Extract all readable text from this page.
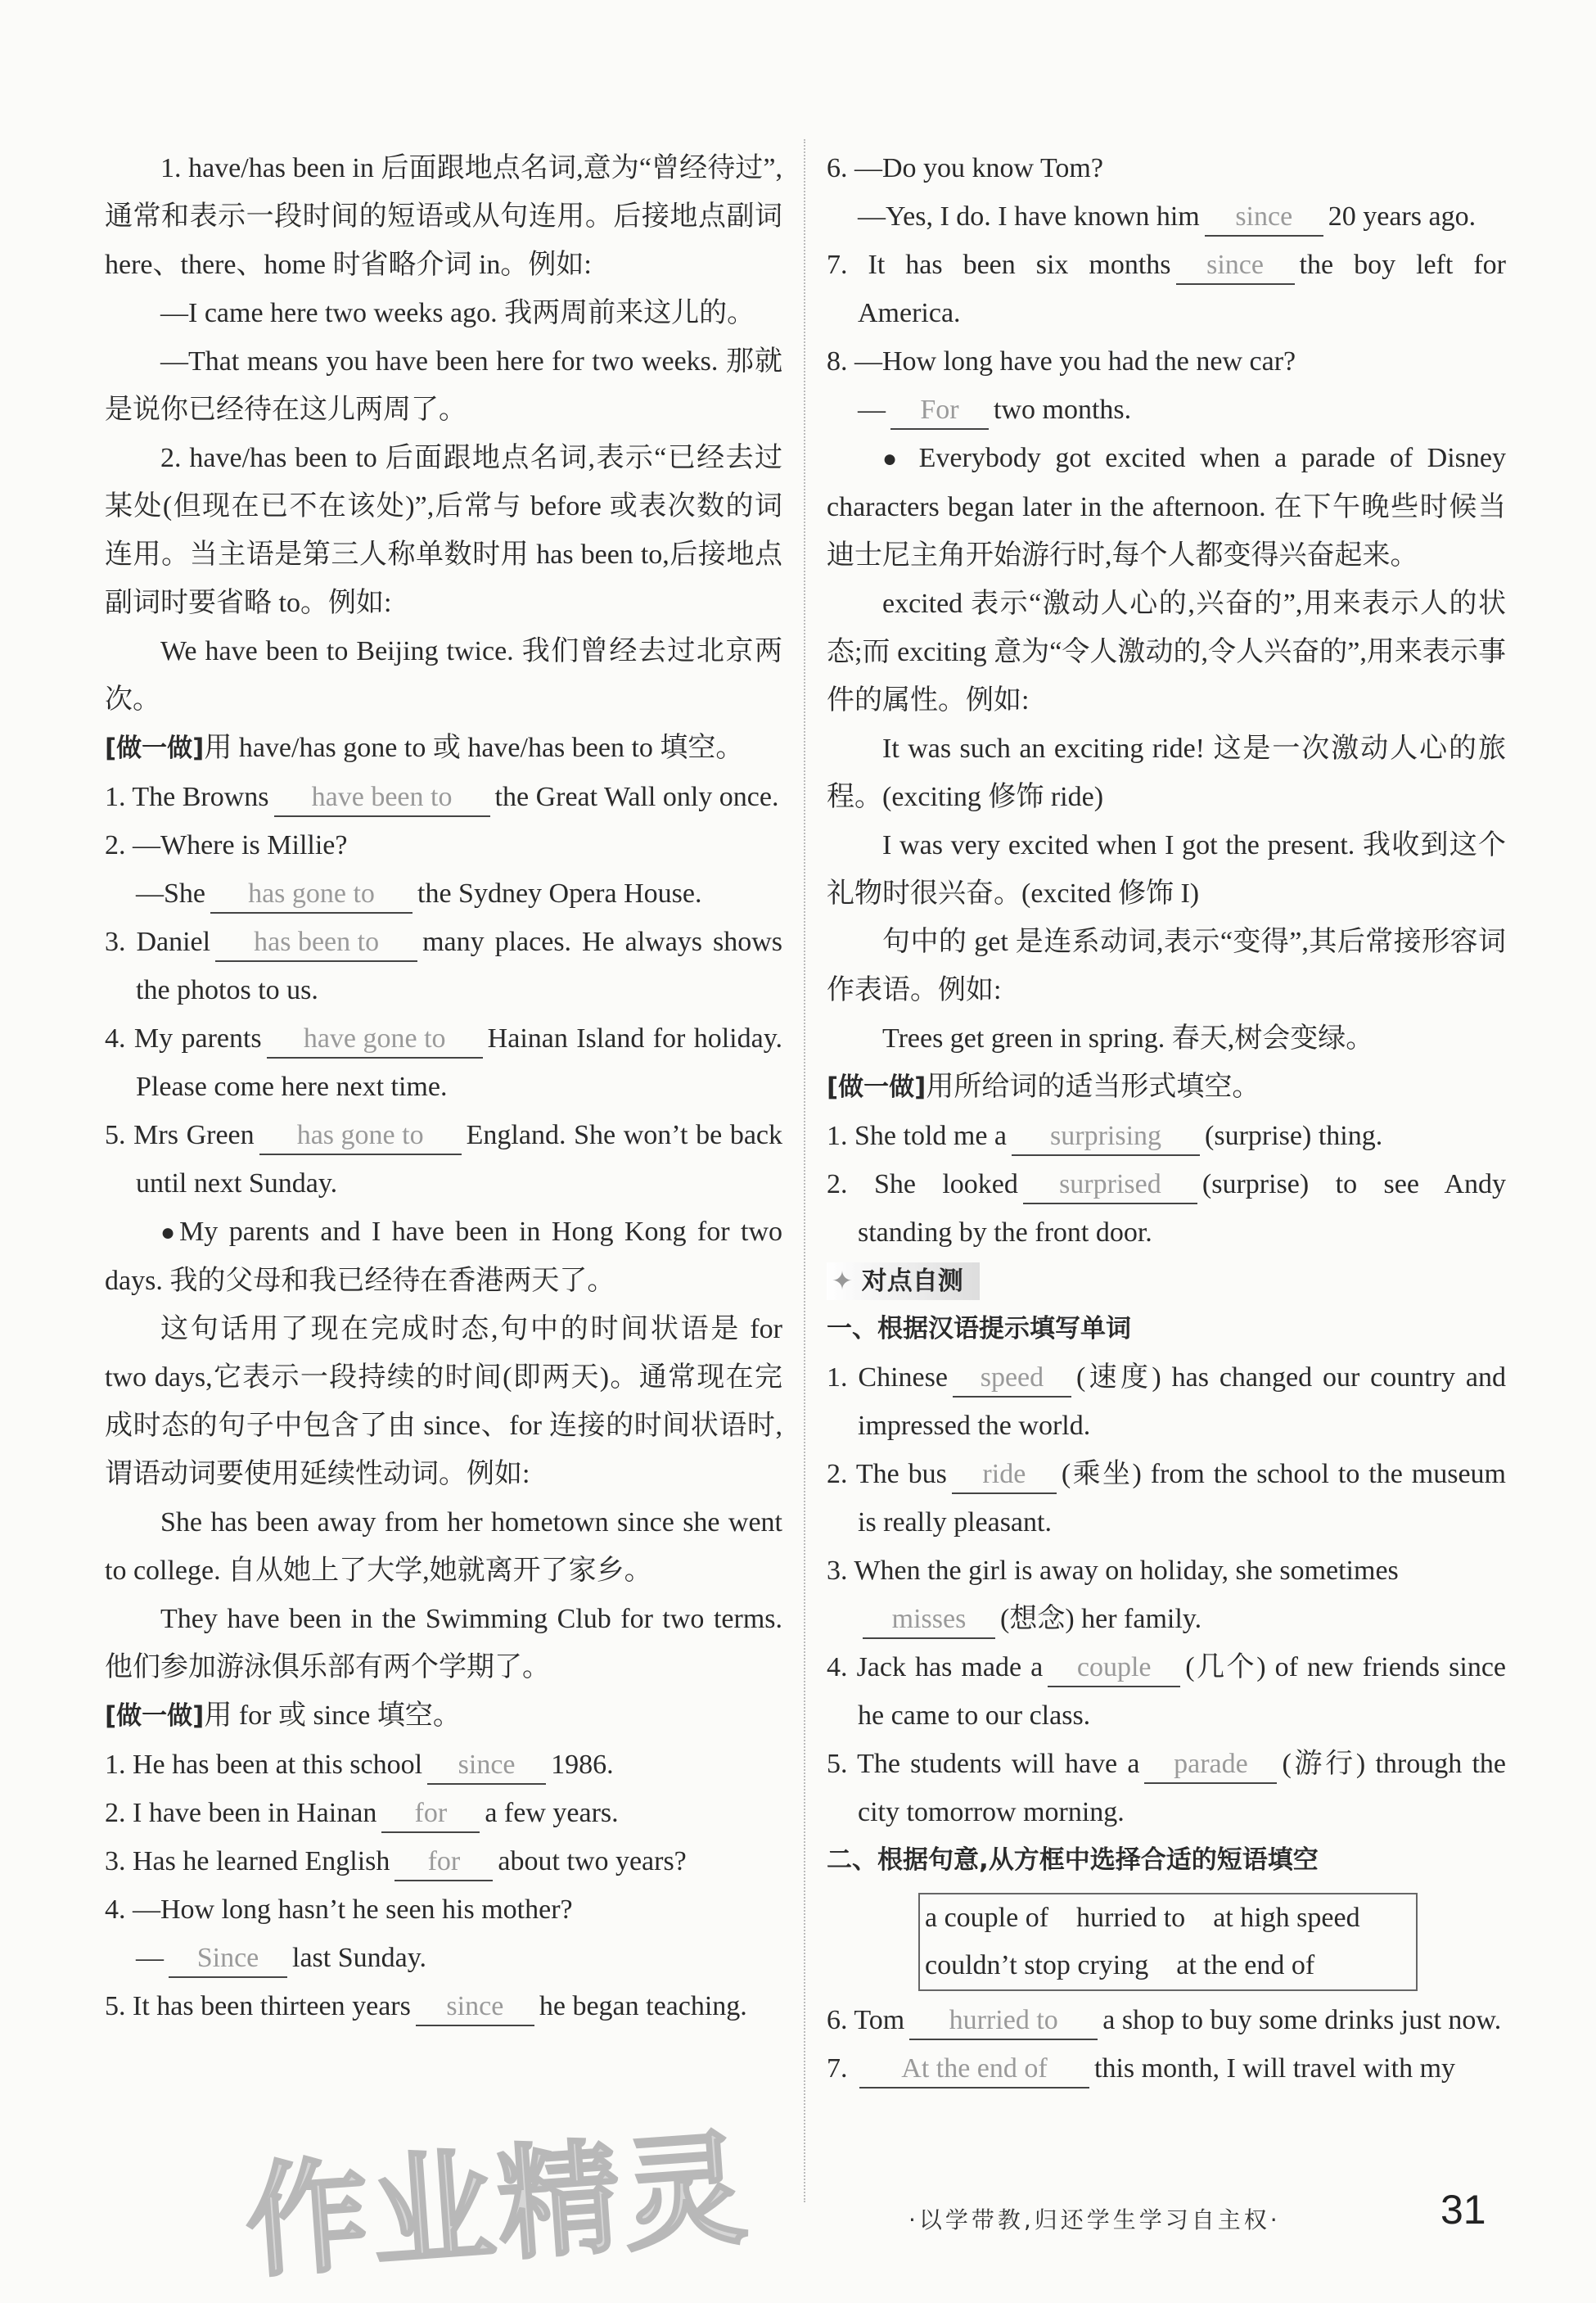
作业精灵

1. have/has been in 后面跟地点名词,意为“曾经待过”,通常和表示一段时间的短语或从句连用。后接地点副词 here、there、home 时省略介词 in。例如:

—I came here two weeks ago. 我两周前来这儿的。

—That means you have been here for two weeks. 那就是说你已经待在这儿两周了。

2. have/has been to 后面跟地点名词,表示“已经去过某处(但现在已不在该处)”,后常与 before 或表次数的词连用。当主语是第三人称单数时用 has been to,后接地点副词时要省略 to。例如:

We have been to Beijing twice. 我们曾经去过北京两次。

[做一做]用 have/has gone to 或 have/has been to 填空。

1. The Browns have been to the Great Wall only once.

2. —Where is Millie?
—She has gone to the Sydney Opera House.

3. Daniel has been to many places. He always shows the photos to us.

4. My parents have gone to Hainan Island for holiday. Please come here next time.

5. Mrs Green has gone to England. She won’t be back until next Sunday.

●My parents and I have been in Hong Kong for two days. 我的父母和我已经待在香港两天了。

这句话用了现在完成时态,句中的时间状语是 for two days,它表示一段持续的时间(即两天)。通常现在完成时态的句子中包含了由 since、for 连接的时间状语时,谓语动词要使用延续性动词。例如:

She has been away from her hometown since she went to college. 自从她上了大学,她就离开了家乡。

They have been in the Swimming Club for two terms. 他们参加游泳俱乐部有两个学期了。

[做一做]用 for 或 since 填空。

1. He has been at this school since 1986.

2. I have been in Hainan for a few years.

3. Has he learned English for about two years?

4. —How long hasn’t he seen his mother?
— Since last Sunday.

5. It has been thirteen years since he began teaching.

6. —Do you know Tom?
—Yes, I do. I have known him since 20 years ago.

7. It has been six months since the boy left for America.

8. —How long have you had the new car?
— For two months.

● Everybody got excited when a parade of Disney characters began later in the afternoon. 在下午晚些时候当迪士尼主角开始游行时,每个人都变得兴奋起来。

excited 表示“激动人心的,兴奋的”,用来表示人的状态;而 exciting 意为“令人激动的,令人兴奋的”,用来表示事件的属性。例如:

It was such an exciting ride! 这是一次激动人心的旅程。(exciting 修饰 ride)

I was very excited when I got the present. 我收到这个礼物时很兴奋。(excited 修饰 I)

句中的 get 是连系动词,表示“变得”,其后常接形容词作表语。例如:

Trees get green in spring. 春天,树会变绿。

[做一做]用所给词的适当形式填空。

1. She told me a surprising (surprise) thing.

2. She looked surprised (surprise) to see Andy standing by the front door.

✦ 对点自测

一、根据汉语提示填写单词

1. Chinese speed (速度) has changed our country and impressed the world.

2. The bus ride (乘坐) from the school to the museum is really pleasant.

3. When the girl is away on holiday, she sometimes
misses (想念) her family.

4. Jack has made a couple (几个) of new friends since he came to our class.

5. The students will have a parade (游行) through the city tomorrow morning.

二、根据句意,从方框中选择合适的短语填空

a couple of hurried to at high speed
couldn’t stop crying at the end of

6. Tom hurried to a shop to buy some drinks just now.

7. At the end of this month, I will travel with my

·以学带教,归还学生学习自主权·	31
